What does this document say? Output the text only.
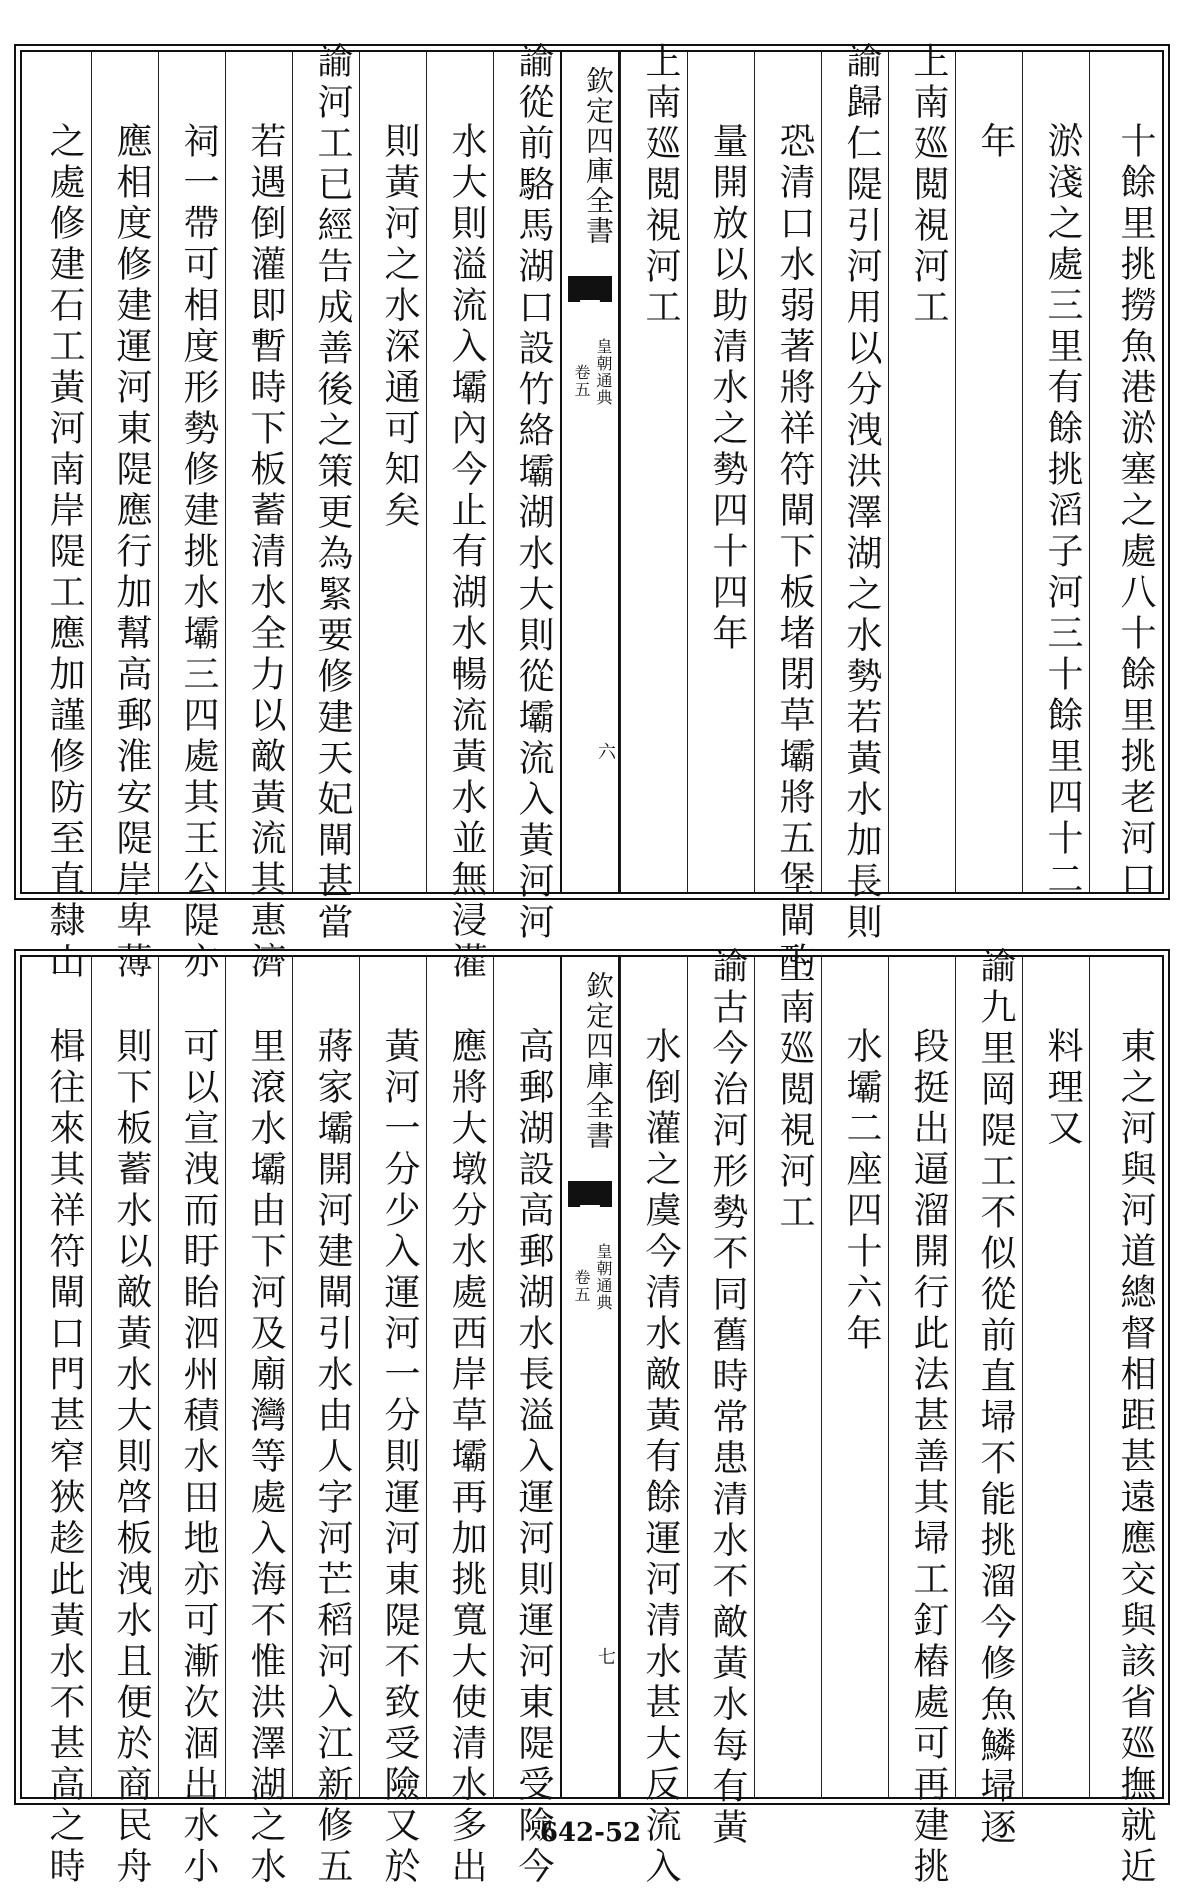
十餘里挑撈魚港淤塞之處八十餘里挑老河口
淤淺之處三里有餘挑滔子河三十餘里四十二
年
上南廵閲視河工
諭歸仁隄引河用以分洩洪澤湖之水勢若黃水加長則
恐清口水弱著將祥符閘下板堵閉草壩將五堡閘酌
量開放以助清水之勢四十四年
上南廵閲視河工
欽定四庫全書
皇朝通典
卷五
六
諭從前駱馬湖口設竹絡壩湖水大則從壩流入黃河河
水大則溢流入壩內今止有湖水暢流黃水並無浸灌
則黃河之水深通可知矣
諭河工已經告成善後之策更為緊要修建天妃閘甚當
若遇倒灌即暫時下板蓄清水全力以敵黃流其惠濟
祠一帶可相度形勢修建挑水壩三四處其王公隄亦
應相度修建運河東隄應行加幫高郵淮安隄岸卑薄
之處修建石工黃河南岸隄工應加謹修防至直隸山
東之河與河道總督相距甚遠應交與該省廵撫就近
料理又
諭九里岡隄工不似從前直埽不能挑溜今修魚鱗埽逐
段挺出逼溜開行此法甚善其埽工釘樁處可再建挑
水壩二座四十六年
上南廵閲視河工
諭古今治河形勢不同舊時常患清水不敵黃水每有黃
水倒灌之虞今清水敵黃有餘運河清水甚大反流入
欽定四庫全書
皇朝通典
卷五
七
高郵湖設高郵湖水長溢入運河則運河東隄受險今
應將大墩分水處西岸草壩再加挑寬大使清水多出
黃河一分少入運河一分則運河東隄不致受險又於
蔣家壩開河建閘引水由人字河芒稻河入江新修五
里滾水壩由下河及廟灣等處入海不惟洪澤湖之水
可以宣洩而盱眙泗州積水田地亦可漸次涸出水小
則下板蓄水以敵黃水大則啓板洩水且便於商民舟
楫往來其祥符閘口門甚窄狹趁此黃水不甚高之時	642-52
